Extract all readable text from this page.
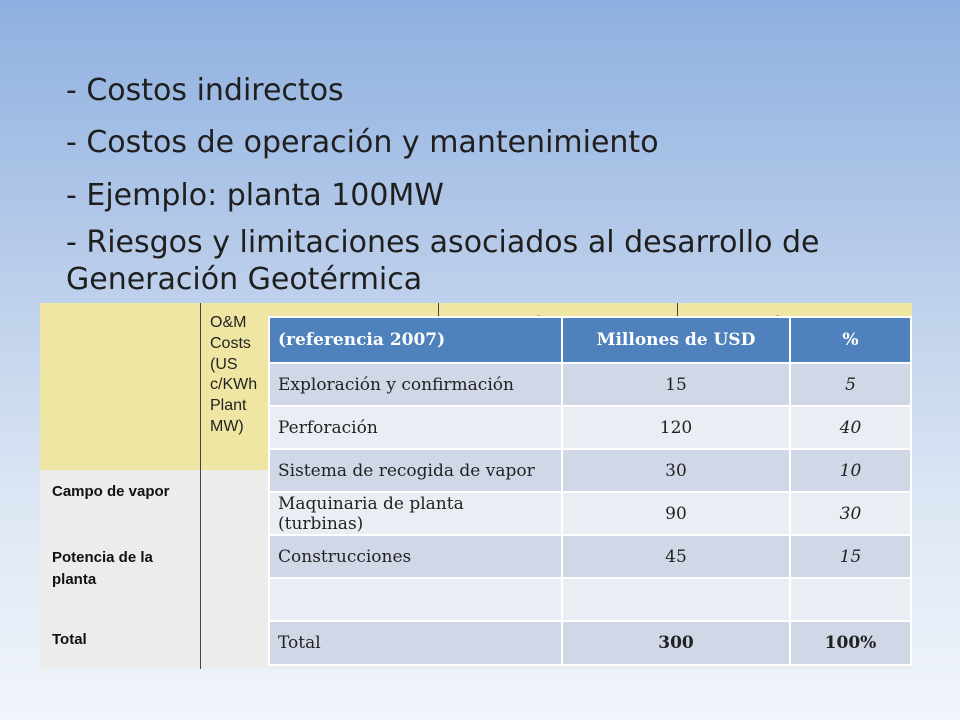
- Costos indirectos

- Costos de operación y mantenimiento

- Ejemplo: planta 100MW

- Riesgos y limitaciones asociados al desarrollo de Generación Geotérmica

O&M Costs (US c/KWh Plant MW)
Campo de vapor
Potencia de la planta
Total
(referencia 2007)	Millones de USD	%
Exploración y confirmación	15	5
Perforación	120	40
Sistema de recogida de vapor	30	10
Maquinaria de planta (turbinas)	90	30
Construcciones	45	15

Total	300	100%
